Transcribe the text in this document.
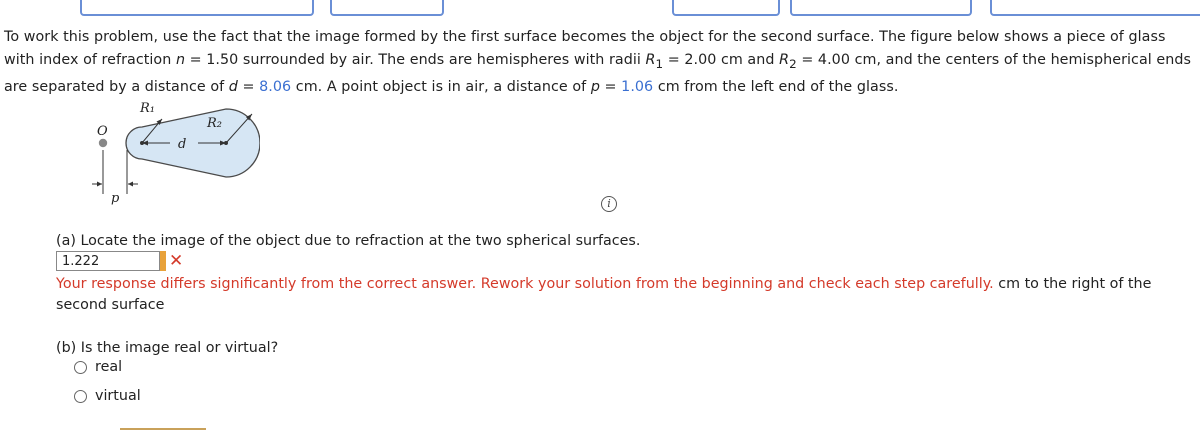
To work this problem, use the fact that the image formed by the first surface becomes the object for the second surface. The figure below shows a piece of glass with index of refraction n = 1.50 surrounded by air. The ends are hemispheres with radii $R_1 = 2.00$ cm and $R_2 = 4.00$ cm, and the centers of the hemispherical ends are separated by a distance of d = 8.06 cm. A point object is in air, a distance of p = 1.06 cm from the left end of the glass.
O
R₁
R₂
d
p	i
(a) Locate the image of the object due to refraction at the two spherical surfaces.
1.222	✕
Your response differs significantly from the correct answer. Rework your solution from the beginning and check each step carefully. cm to the right of the second surface
(b) Is the image real or virtual?
real
virtual
